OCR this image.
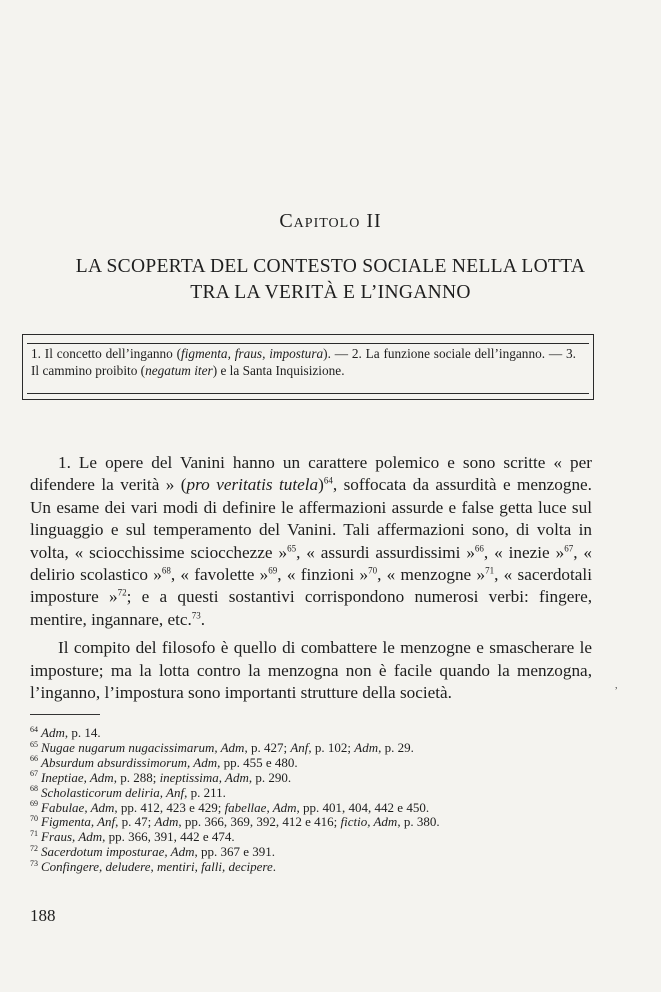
Capitolo II
LA SCOPERTA DEL CONTESTO SOCIALE NELLA LOTTA
TRA LA VERITÀ E L’INGANNO
1. Il concetto dell’inganno (figmenta, fraus, impostura). — 2. La funzione sociale dell’inganno. — 3. Il cammino proibito (negatum iter) e la Santa Inquisizione.

1. Le opere del Vanini hanno un carattere polemico e sono scritte « per difendere la verità » (pro veritatis tutela)$^{64}$, soffocata da assurdità e menzogne. Un esame dei vari modi di definire le affermazioni assurde e false getta luce sul linguaggio e sul temperamento del Vanini. Tali affermazioni sono, di volta in volta, « sciocchissime sciocchezze »$^{65}$, « assurdi assurdissimi »$^{66}$, « inezie »$^{67}$, « delirio scolastico »$^{68}$, « favolette »$^{69}$, « finzioni »$^{70}$, « menzogne »$^{71}$, « sacerdotali imposture »$^{72}$; e a questi sostantivi corrispondono numerosi verbi: fingere, mentire, ingannare, etc.$^{73}$.

Il compito del filosofo è quello di combattere le menzogne e smascherare le imposture; ma la lotta contro la menzogna non è facile quando la menzogna, l’inganno, l’impostura sono importanti strutture della società.	,
$^{64}$ Adm, p. 14.
$^{65}$ Nugae nugarum nugacissimarum, Adm, p. 427; Anf, p. 102; Adm, p. 29.
$^{66}$ Absurdum absurdissimorum, Adm, pp. 455 e 480.
$^{67}$ Ineptiae, Adm, p. 288; ineptissima, Adm, p. 290.
$^{68}$ Scholasticorum deliria, Anf, p. 211.
$^{69}$ Fabulae, Adm, pp. 412, 423 e 429; fabellae, Adm, pp. 401, 404, 442 e 450.
$^{70}$ Figmenta, Anf, p. 47; Adm, pp. 366, 369, 392, 412 e 416; fictio, Adm, p. 380.
$^{71}$ Fraus, Adm, pp. 366, 391, 442 e 474.
$^{72}$ Sacerdotum imposturae, Adm, pp. 367 e 391.
$^{73}$ Confingere, deludere, mentiri, falli, decipere.
188
